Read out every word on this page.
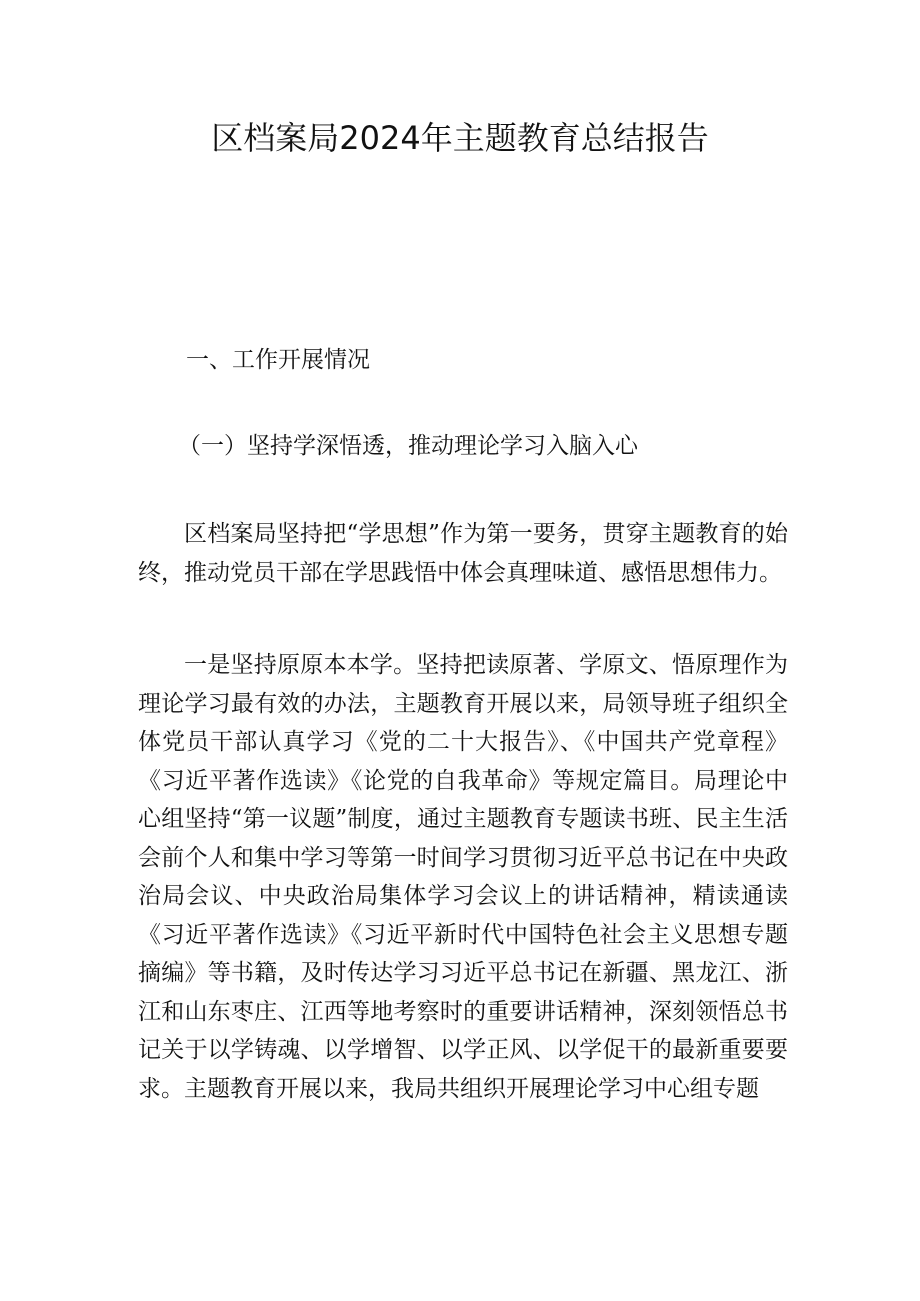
区档案局2024年主题教育总结报告
一、工作开展情况
（一）坚持学深悟透，推动理论学习入脑入心

区档案局坚持把“学思想”作为第一要务，贯穿主题教育的始终，推动党员干部在学思践悟中体会真理味道、感悟思想伟力。

一是坚持原原本本学。坚持把读原著、学原文、悟原理作为理论学习最有效的办法，主题教育开展以来，局领导班子组织全体党员干部认真学习《党的二十大报告》、《中国共产党章程》《习近平著作选读》《论党的自我革命》等规定篇目。局理论中心组坚持“第一议题”制度，通过主题教育专题读书班、民主生活会前个人和集中学习等第一时间学习贯彻习近平总书记在中央政治局会议、中央政治局集体学习会议上的讲话精神，精读通读《习近平著作选读》《习近平新时代中国特色社会主义思想专题摘编》等书籍，及时传达学习习近平总书记在新疆、黑龙江、浙江和山东枣庄、江西等地考察时的重要讲话精神，深刻领悟总书记关于以学铸魂、以学增智、以学正风、以学促干的最新重要要求。主题教育开展以来，我局共组织开展理论学习中心组专题
